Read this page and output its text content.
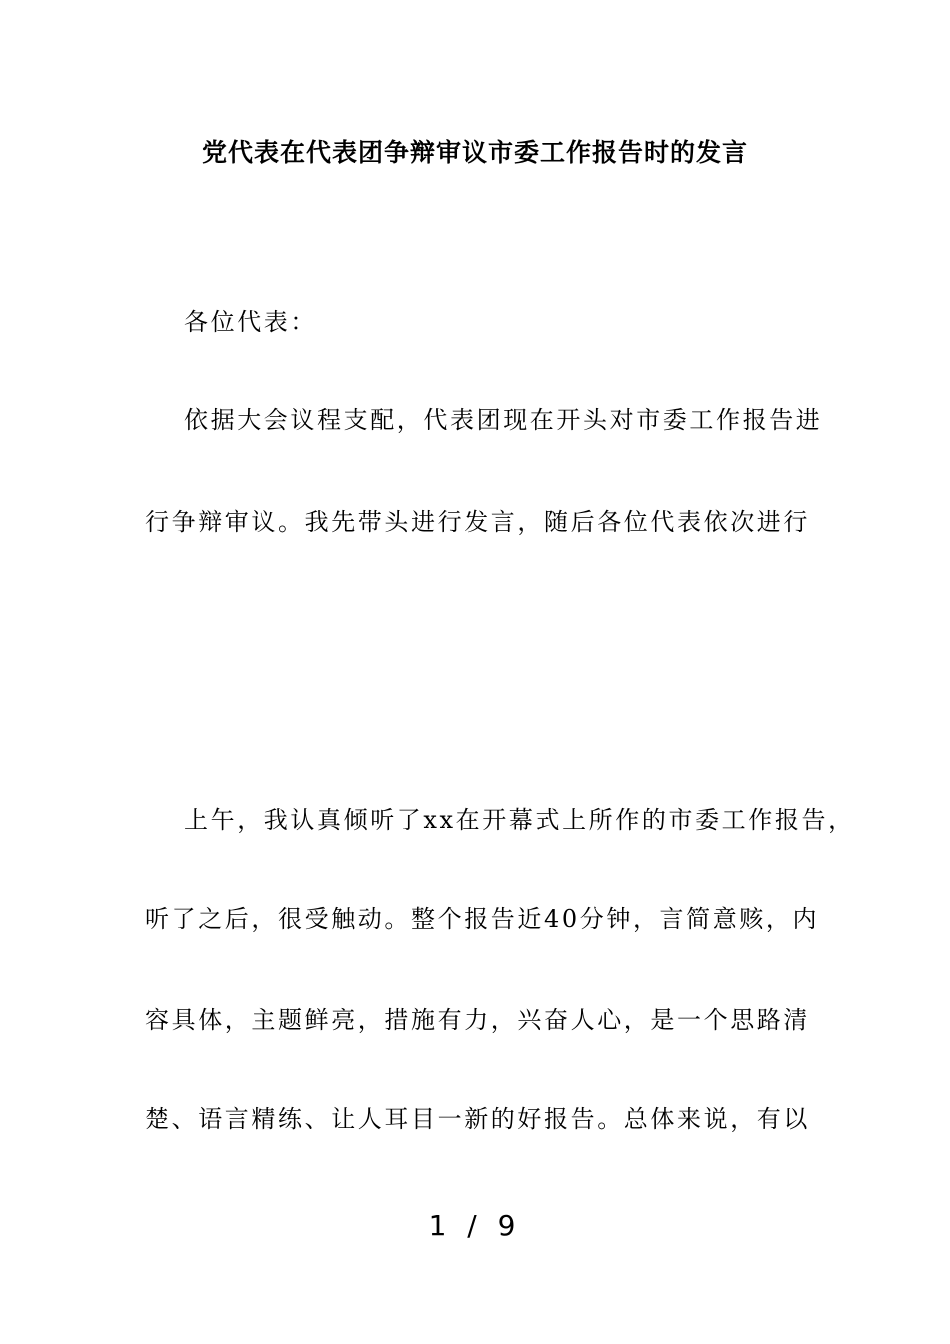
党代表在代表团争辩审议市委工作报告时的发言
各位代表：
依据大会议程支配，代表团现在开头对市委工作报告进
行争辩审议。我先带头进行发言，随后各位代表依次进行
上午，我认真倾听了xx在开幕式上所作的市委工作报告，
听了之后，很受触动。整个报告近40分钟，言简意赅，内
容具体，主题鲜亮，措施有力，兴奋人心，是一个思路清
楚、语言精练、让人耳目一新的好报告。总体来说，有以
1 / 9
